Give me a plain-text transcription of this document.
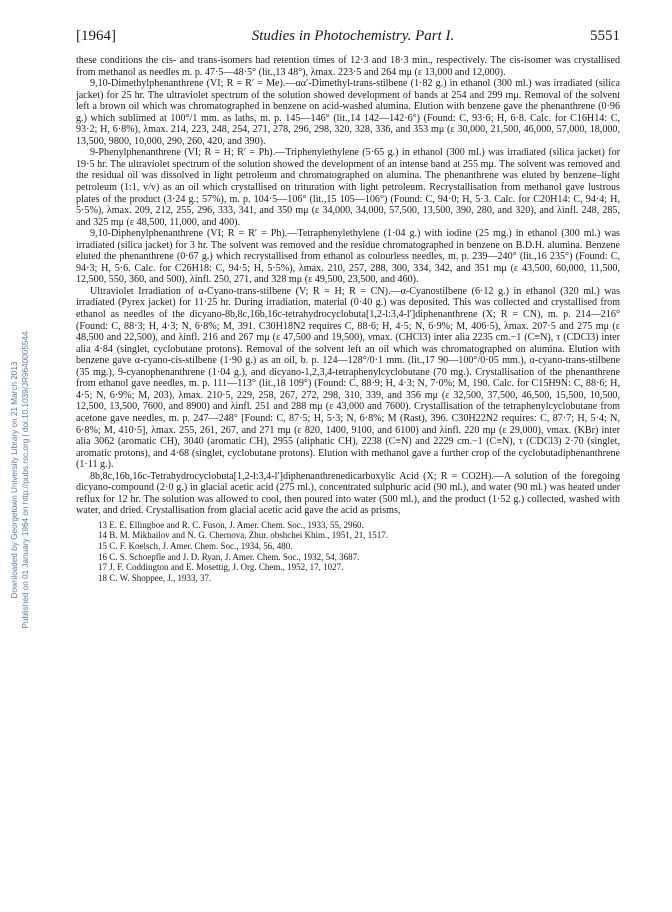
Downloaded by Georgetown University Library on 21 March 2013 Published on 01 January 1964 on http://pubs.rsc.org | doi:10.1039/JR9640005544
[1964]	Studies in Photochemistry. Part I.	5551

these conditions the cis- and trans-isomers had retention times of 12·3 and 18·3 min., respectively. The cis-isomer was crystallised from methanol as needles m. p. 47·5—48·5° (lit.,13 48°), λmax. 223·5 and 264 mμ (ε 13,000 and 12,000).

9,10-Dimethylphenanthrene (VI; R = R′ = Me).—αα′-Dimethyl-trans-stilbene (1·82 g.) in ethanol (300 ml.) was irradiated (silica jacket) for 25 hr. The ultraviolet spectrum of the solution showed development of bands at 254 and 299 mμ. Removal of the solvent left a brown oil which was chromatographed in benzene on acid-washed alumina. Elution with benzene gave the phenanthrene (0·96 g.) which sublimed at 100°/1 mm. as laths, m. p. 145—146° (lit.,14 142—142·6°) (Found: C, 93·6; H, 6·8. Calc. for C16H14: C, 93·2; H, 6·8%), λmax. 214, 223, 248, 254, 271, 278, 296, 298, 320, 328, 336, and 353 mμ (ε 30,000, 21,500, 46,000, 57,000, 18,000, 13,500, 9800, 10,000, 290, 260, 420, and 390).

9-Phenylphenanthrene (VI; R = H; R′ = Ph).—Triphenylethylene (5·65 g.) in ethanol (300 ml.) was irradiated (silica jacket) for 19·5 hr. The ultraviolet spectrum of the solution showed the development of an intense band at 255 mμ. The solvent was removed and the residual oil was dissolved in light petroleum and chromatographed on alumina. The phenanthrene was eluted by benzene–light petroleum (1:1, v/v) as an oil which crystallised on trituration with light petroleum. Recrystallisation from methanol gave lustrous plates of the product (3·24 g.; 57%), m. p. 104·5—106° (lit.,15 105—106°) (Found: C, 94·0; H, 5·3. Calc. for C20H14: C, 94·4; H, 5·5%), λmax. 209, 212, 255, 296, 333, 341, and 350 mμ (ε 34,000, 34,000, 57,500, 13,500, 390, 280, and 320), and λinfl. 248, 285, and 325 mμ (ε 48,500, 11,000, and 400).

9,10-Diphenylphenanthrene (VI; R = R′ = Ph).—Tetraphenylethylene (1·04 g.) with iodine (25 mg.) in ethanol (300 ml.) was irradiated (silica jacket) for 3 hr. The solvent was removed and the residue chromatographed in benzene on B.D.H. alumina. Benzene eluted the phenanthrene (0·67 g.) which recrystallised from ethanol as colourless needles, m. p. 239—240° (lit.,16 235°) (Found: C, 94·3; H, 5·6. Calc. for C26H18: C, 94·5; H, 5·5%), λmax. 210, 257, 288, 300, 334, 342, and 351 mμ (ε 43,500, 60,000, 11,500, 12,500, 550, 360, and 500), λinfl. 250, 271, and 328 mμ (ε 49,500, 23,500, and 460).

Ultraviolet Irradiation of α-Cyano-trans-stilbene (V; R = H; R = CN).—α-Cyanostilbene (6·12 g.) in ethanol (320 ml.) was irradiated (Pyrex jacket) for 11·25 hr. During irradiation, material (0·40 g.) was deposited. This was collected and crystallised from ethanol as needles of the dicyano-8b,8c,16b,16c-tetrahydrocyclobuta[1,2-l:3,4-l′]diphenanthrene (X; R = CN), m. p. 214—216° (Found: C, 88·3; H, 4·3; N, 6·8%; M, 391. C30H18N2 requires C, 88·6; H, 4·5; N, 6·9%; M, 406·5), λmax. 207·5 and 275 mμ (ε 48,500 and 22,500), and λinfl. 216 and 267 mμ (ε 47,500 and 19,500), νmax. (CHCl3) inter alia 2235 cm.−1 (C≡N), τ (CDCl3) inter alia 4·84 (singlet, cyclobutane protons). Removal of the solvent left an oil which was chromatographed on alumina. Elution with benzene gave α-cyano-cis-stilbene (1·90 g.) as an oil, b. p. 124—128°/0·1 mm. (lit.,17 90—100°/0·05 mm.), α-cyano-trans-stilbene (35 mg.), 9-cyanophenanthrene (1·04 g.), and dicyano-1,2,3,4-tetraphenylcyclobutane (70 mg.). Crystallisation of the phenanthrene from ethanol gave needles, m. p. 111—113° (lit.,18 109°) (Found: C, 88·9; H, 4·3; N, 7·0%; M, 190. Calc. for C15H9N: C, 88·6; H, 4·5; N, 6·9%; M, 203), λmax. 210·5, 229, 258, 267, 272, 298, 310, 339, and 356 mμ (ε 32,500, 37,500, 46,500, 15,500, 10,500, 12,500, 13,500, 7600, and 8900) and λinfl. 251 and 288 mμ (ε 43,000 and 7600). Crystallisation of the tetraphenylcyclobutane from acetone gave needles, m. p. 247—248° [Found: C, 87·5; H, 5·3; N, 6·8%; M (Rast), 396. C30H22N2 requires: C, 87·7; H, 5·4; N, 6·8%; M, 410·5], λmax. 255, 261, 267, and 271 mμ (ε 820, 1400, 9100, and 6100) and λinfl. 220 mμ (ε 29,000), νmax. (KBr) inter alia 3062 (aromatic CH), 3040 (aromatic CH), 2955 (aliphatic CH), 2238 (C≡N) and 2229 cm.−1 (C≡N), τ (CDCl3) 2·70 (singlet, aromatic protons), and 4·68 (singlet, cyclobutane protons). Elution with methanol gave a further crop of the cyclobutadiphenanthrene (1·11 g.).

8b,8c,16b,16c-Tetrahydrocyclobuta[1,2-l:3,4-l′]diphenanthrenedicarboxylic Acid (X; R = CO2H).—A solution of the foregoing dicyano-compound (2·0 g.) in glacial acetic acid (275 ml.), concentrated sulphuric acid (90 ml.), and water (90 ml.) was heated under reflux for 12 hr. The solution was allowed to cool, then poured into water (500 ml.), and the product (1·52 g.) collected, washed with water, and dried. Crystallisation from glacial acetic acid gave the acid as prisms,

13 E. E. Ellingboe and R. C. Fuson, J. Amer. Chem. Soc., 1933, 55, 2960.
14 B. M. Mikhailov and N. G. Chernova, Zhur. obshchei Khim., 1951, 21, 1517.
15 C. F. Koelsch, J. Amer. Chem. Soc., 1934, 56, 480.
16 C. S. Schoepfle and J. D. Ryan, J. Amer. Chem. Soc., 1932, 54, 3687.
17 J. F. Coddington and E. Mosettig, J. Org. Chem., 1952, 17, 1027.
18 C. W. Shoppee, J., 1933, 37.
